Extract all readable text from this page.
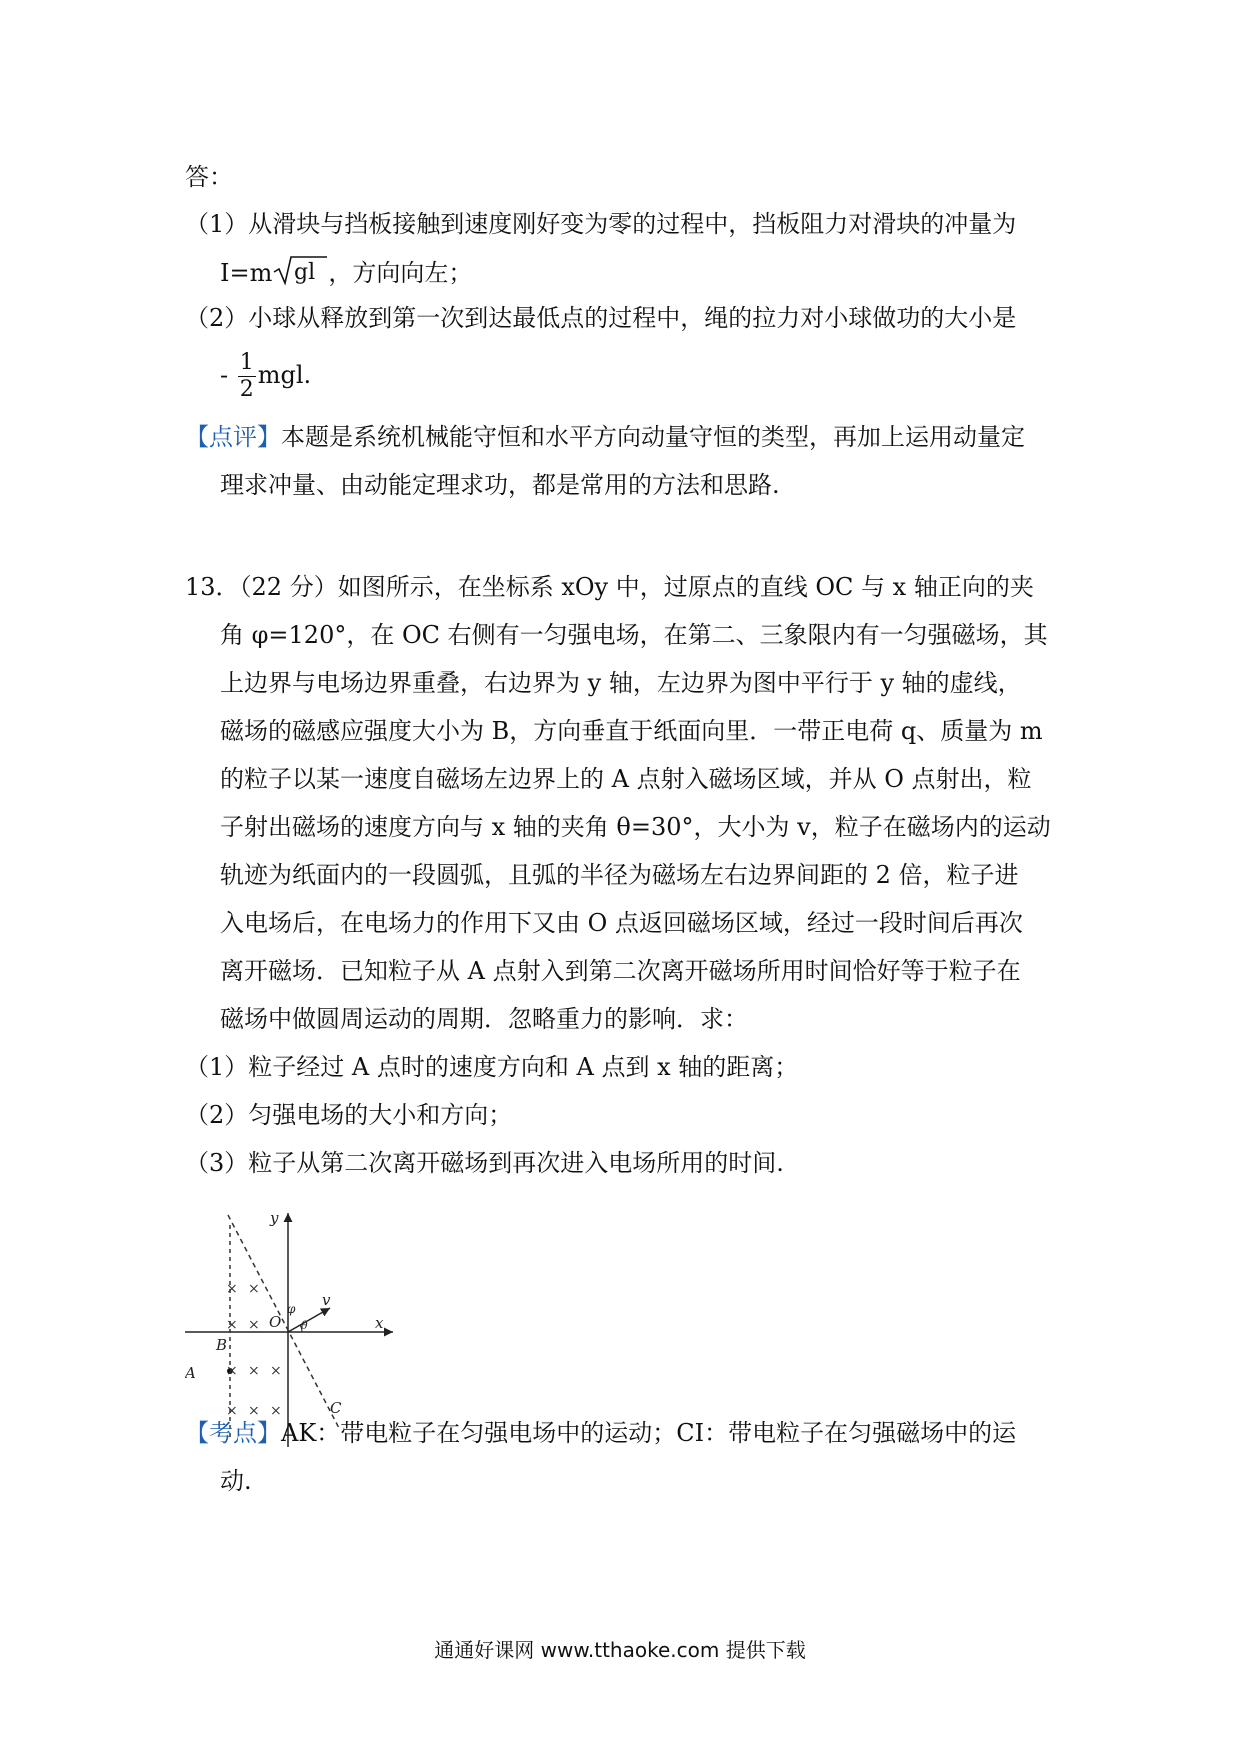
答：
（1）从滑块与挡板接触到速度刚好变为零的过程中，挡板阻力对滑块的冲量为
I=m gl ，方向向左；
（2）小球从释放到第一次到达最低点的过程中，绳的拉力对小球做功的大小是
- $\frac{1}{2}$ mgl.
【点评】本题是系统机械能守恒和水平方向动量守恒的类型，再加上运用动量定
理求冲量、由动能定理求功，都是常用的方法和思路.
13．（22 分）如图所示，在坐标系 xOy 中，过原点的直线 OC 与 x 轴正向的夹
角 φ=120°，在 OC 右侧有一匀强电场，在第二、三象限内有一匀强磁场，其
上边界与电场边界重叠，右边界为 y 轴，左边界为图中平行于 y 轴的虚线，
磁场的磁感应强度大小为 B，方向垂直于纸面向里．一带正电荷 q、质量为 m
的粒子以某一速度自磁场左边界上的 A 点射入磁场区域，并从 O 点射出，粒
子射出磁场的速度方向与 x 轴的夹角 θ=30°，大小为 v，粒子在磁场内的运动
轨迹为纸面内的一段圆弧，且弧的半径为磁场左右边界间距的 2 倍，粒子进
入电场后，在电场力的作用下又由 O 点返回磁场区域，经过一段时间后再次
离开磁场．已知粒子从 A 点射入到第二次离开磁场所用时间恰好等于粒子在
磁场中做圆周运动的周期．忽略重力的影响．求：
（1）粒子经过 A 点时的速度方向和 A 点到 x 轴的距离；
（2）匀强电场的大小和方向；
（3）粒子从第二次离开磁场到再次进入电场所用的时间.
× ×
× ×
× × ×
× × ×
y
x
O
v
φ
θ
B
A
C
【考点】AK：带电粒子在匀强电场中的运动；CI：带电粒子在匀强磁场中的运
动.
通通好课网 www.tthaoke.com 提供下载
